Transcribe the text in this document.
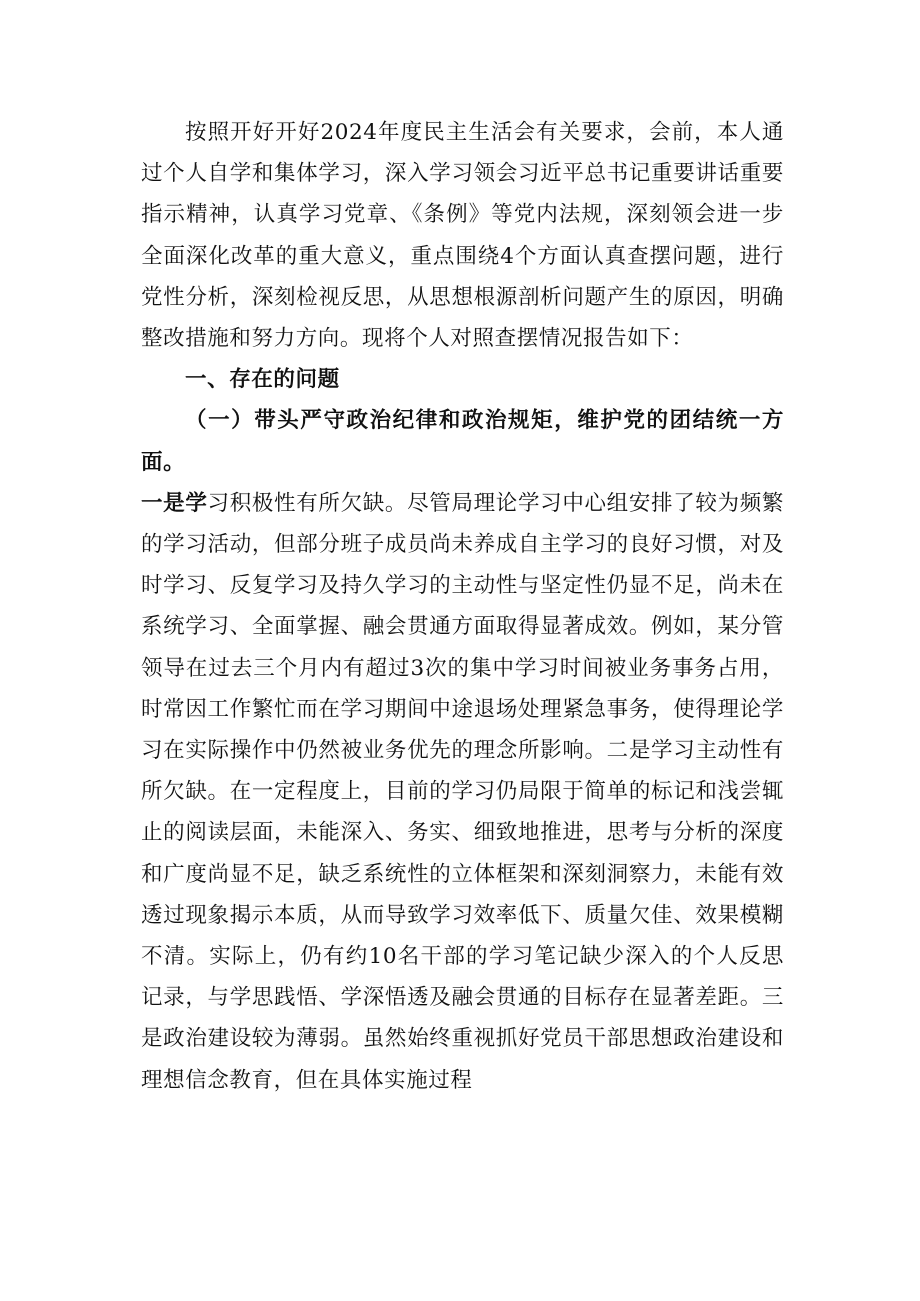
按照开好开好2024年度民主生活会有关要求，会前，本人通过个人自学和集体学习，深入学习领会习近平总书记重要讲话重要指示精神，认真学习党章、《条例》等党内法规，深刻领会进一步全面深化改革的重大意义，重点围绕4个方面认真查摆问题，进行党性分析，深刻检视反思，从思想根源剖析问题产生的原因，明确整改措施和努力方向。现将个人对照查摆情况报告如下：

一、存在的问题

（一）带头严守政治纪律和政治规矩，维护党的团结统一方面。

一是学习积极性有所欠缺。尽管局理论学习中心组安排了较为频繁的学习活动，但部分班子成员尚未养成自主学习的良好习惯，对及时学习、反复学习及持久学习的主动性与坚定性仍显不足，尚未在系统学习、全面掌握、融会贯通方面取得显著成效。例如，某分管领导在过去三个月内有超过3次的集中学习时间被业务事务占用，时常因工作繁忙而在学习期间中途退场处理紧急事务，使得理论学习在实际操作中仍然被业务优先的理念所影响。二是学习主动性有所欠缺。在一定程度上，目前的学习仍局限于简单的标记和浅尝辄止的阅读层面，未能深入、务实、细致地推进，思考与分析的深度和广度尚显不足，缺乏系统性的立体框架和深刻洞察力，未能有效透过现象揭示本质，从而导致学习效率低下、质量欠佳、效果模糊不清。实际上，仍有约10名干部的学习笔记缺少深入的个人反思记录，与学思践悟、学深悟透及融会贯通的目标存在显著差距。三是政治建设较为薄弱。虽然始终重视抓好党员干部思想政治建设和理想信念教育，但在具体实施过程
